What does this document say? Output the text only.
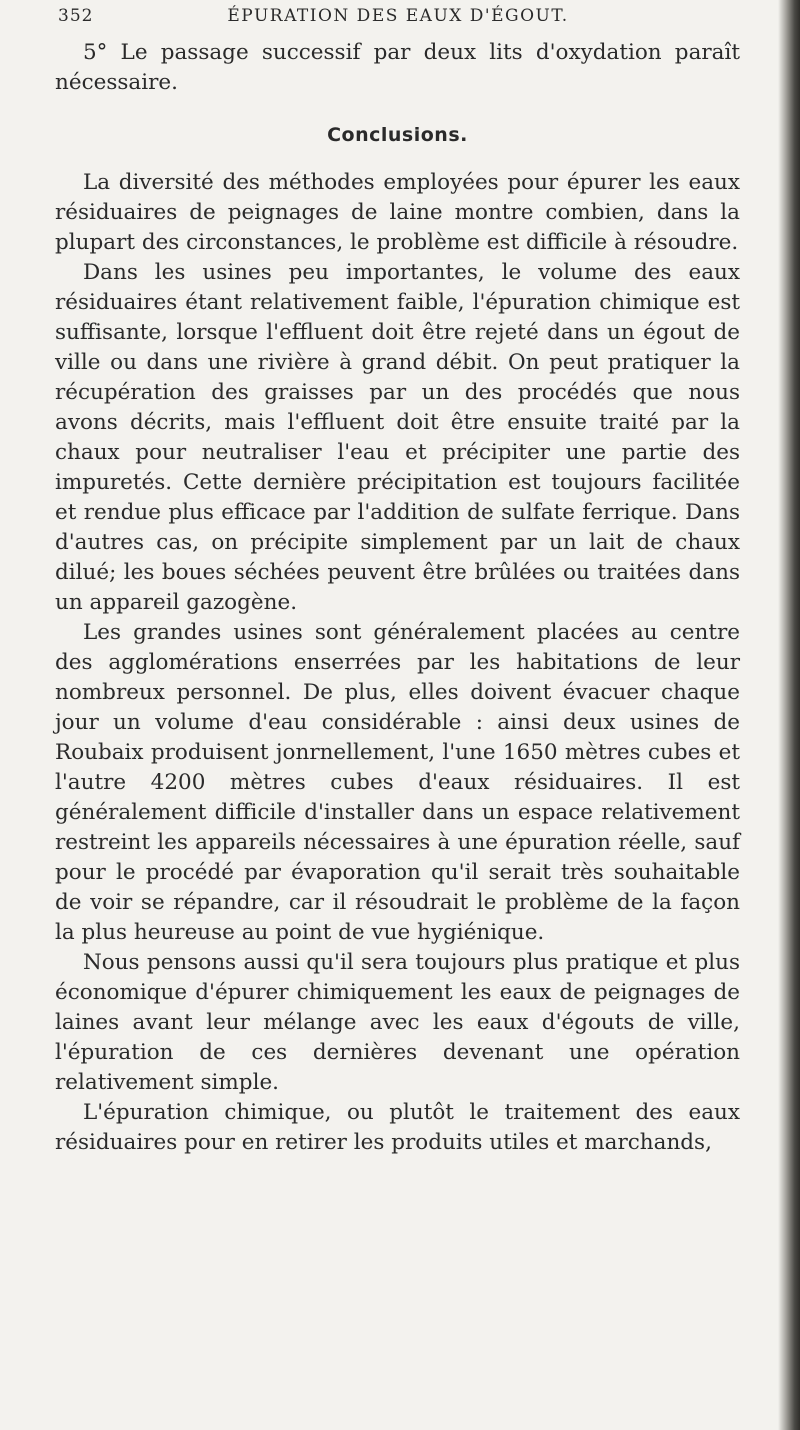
352	ÉPURATION DES EAUX D'ÉGOUT.

5° Le passage successif par deux lits d'oxydation paraît nécessaire.

Conclusions.

La diversité des méthodes employées pour épurer les eaux résiduaires de peignages de laine montre combien, dans la plupart des circonstances, le problème est difficile à résoudre.

Dans les usines peu importantes, le volume des eaux résiduaires étant relativement faible, l'épuration chimique est suffisante, lorsque l'effluent doit être rejeté dans un égout de ville ou dans une rivière à grand débit. On peut pratiquer la récupération des graisses par un des procédés que nous avons décrits, mais l'effluent doit être ensuite traité par la chaux pour neutraliser l'eau et précipiter une partie des impuretés. Cette dernière précipitation est toujours facilitée et rendue plus efficace par l'addition de sulfate ferrique. Dans d'autres cas, on précipite simplement par un lait de chaux dilué; les boues séchées peuvent être brûlées ou traitées dans un appareil gazogène.

Les grandes usines sont généralement placées au centre des agglomérations enserrées par les habitations de leur nombreux personnel. De plus, elles doivent évacuer chaque jour un volume d'eau considérable : ainsi deux usines de Roubaix produisent jonrnellement, l'une 1650 mètres cubes et l'autre 4200 mètres cubes d'eaux résiduaires. Il est généralement difficile d'installer dans un espace relativement restreint les appareils nécessaires à une épuration réelle, sauf pour le procédé par évaporation qu'il serait très souhaitable de voir se répandre, car il résoudrait le problème de la façon la plus heureuse au point de vue hygiénique.

Nous pensons aussi qu'il sera toujours plus pratique et plus économique d'épurer chimiquement les eaux de peignages de laines avant leur mélange avec les eaux d'égouts de ville, l'épuration de ces dernières devenant une opération relativement simple.

L'épuration chimique, ou plutôt le traitement des eaux résiduaires pour en retirer les produits utiles et marchands,
